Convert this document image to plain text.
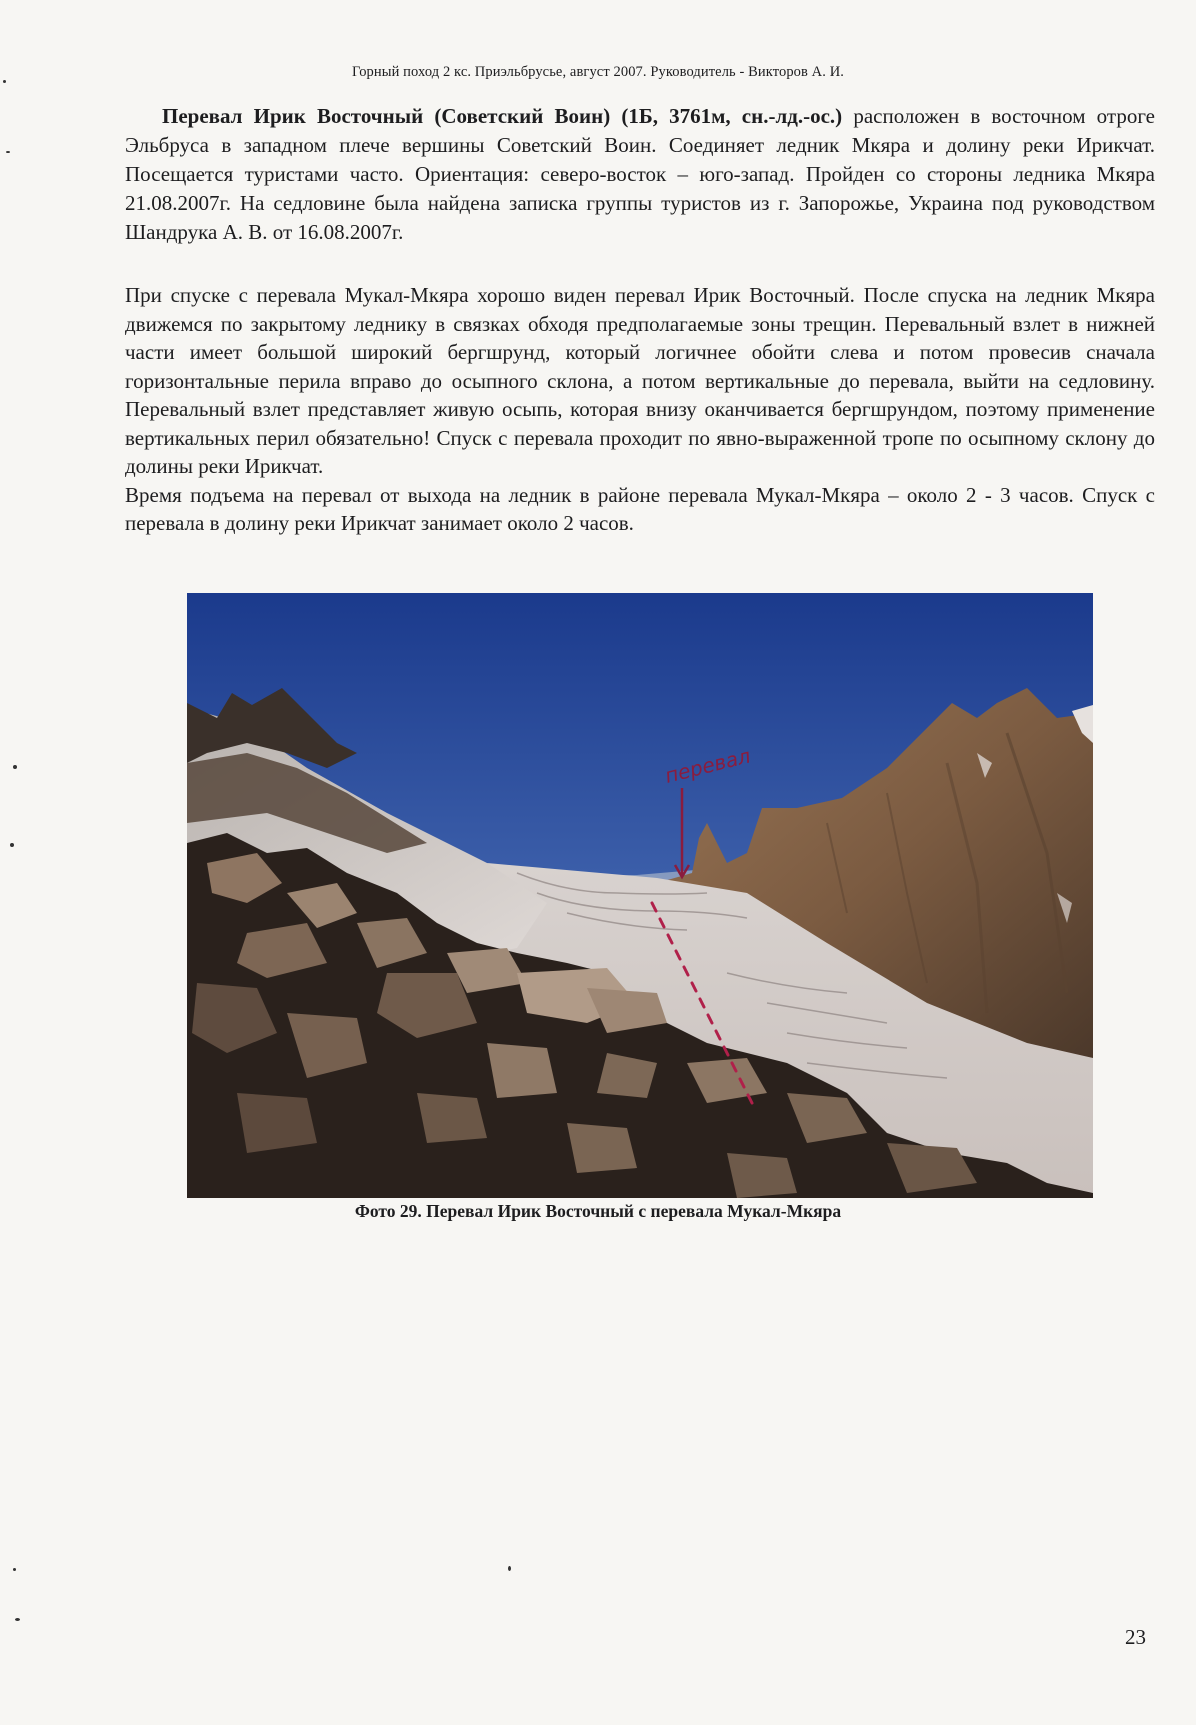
Горный поход 2 кс. Приэльбрусье, август 2007. Руководитель - Викторов А. И.

Перевал Ирик Восточный (Советский Воин) (1Б, 3761м, сн.-лд.-ос.) расположен в восточном отроге Эльбруса в западном плече вершины Советский Воин. Соединяет ледник Мкяра и долину реки Ирикчат. Посещается туристами часто. Ориентация: северо-восток – юго-запад. Пройден со стороны ледника Мкяра 21.08.2007г. На седловине была найдена записка группы туристов из г. Запорожье, Украина под руководством Шандрука А. В. от 16.08.2007г.

При спуске с перевала Мукал-Мкяра хорошо виден перевал Ирик Восточный. После спуска на ледник Мкяра движемся по закрытому леднику в связках обходя предполагаемые зоны трещин. Перевальный взлет в нижней части имеет большой широкий бергшрунд, который логичнее обойти слева и потом провесив сначала горизонтальные перила вправо до осыпного склона, а потом вертикальные до перевала, выйти на седловину. Перевальный взлет представляет живую осыпь, которая внизу оканчивается бергшрундом, поэтому применение вертикальных перил обязательно! Спуск с перевала проходит по явно-выраженной тропе по осыпному склону до долины реки Ирикчат.

Время подъема на перевал от выхода на ледник в районе перевала Мукал-Мкяра – около 2 - 3 часов. Спуск с перевала в долину реки Ирикчат занимает около 2 часов.

перевал
Фото 29. Перевал Ирик Восточный с перевала Мукал-Мкяра
23
